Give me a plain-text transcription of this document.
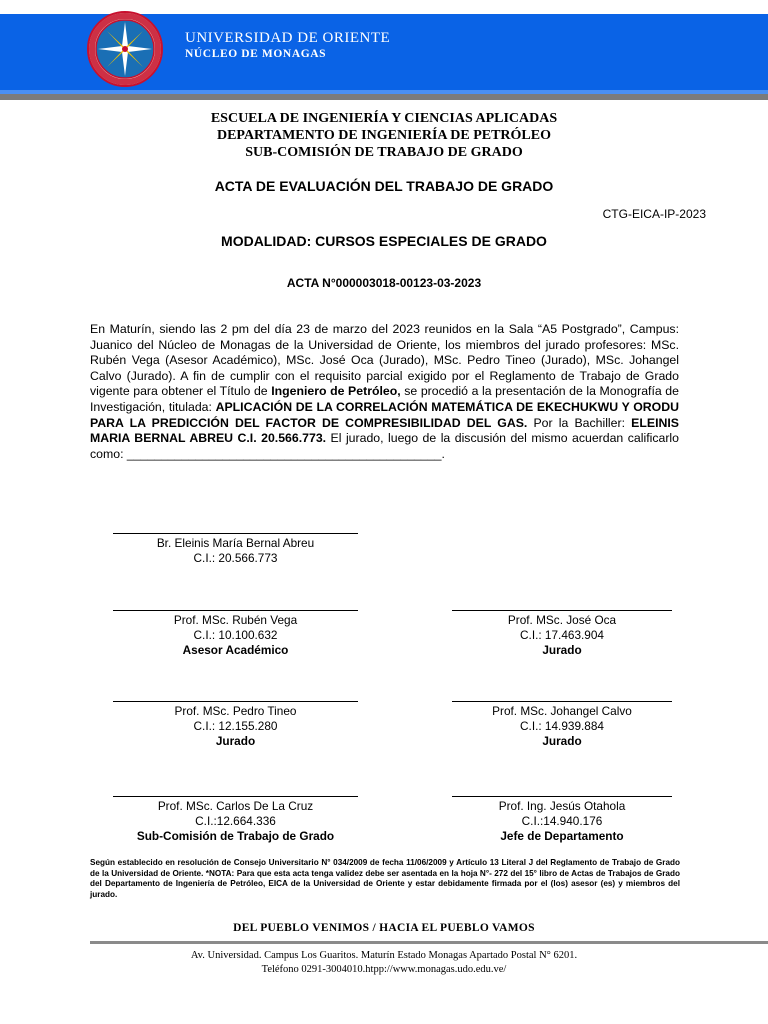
UNIVERSIDAD DE ORIENTE
NÚCLEO DE MONAGAS
ESCUELA DE INGENIERÍA Y CIENCIAS APLICADAS
DEPARTAMENTO DE INGENIERÍA DE PETRÓLEO
SUB-COMISIÓN DE TRABAJO DE GRADO
ACTA DE EVALUACIÓN DEL TRABAJO DE GRADO
CTG-EICA-IP-2023
MODALIDAD: CURSOS ESPECIALES DE GRADO
ACTA N°000003018-00123-03-2023
En Maturín, siendo las 2 pm del día 23 de marzo del 2023 reunidos en la Sala “A5 Postgrado”, Campus: Juanico del Núcleo de Monagas de la Universidad de Oriente, los miembros del jurado profesores: MSc. Rubén Vega (Asesor Académico), MSc. José Oca (Jurado), MSc. Pedro Tineo (Jurado), MSc. Johangel Calvo (Jurado). A fin de cumplir con el requisito parcial exigido por el Reglamento de Trabajo de Grado vigente para obtener el Título de Ingeniero de Petróleo, se procedió a la presentación de la Monografía de Investigación, titulada: APLICACIÓN DE LA CORRELACIÓN MATEMÁTICA DE EKECHUKWU Y ORODU PARA LA PREDICCIÓN DEL FACTOR DE COMPRESIBILIDAD DEL GAS. Por la Bachiller: ELEINIS MARIA BERNAL ABREU C.I. 20.566.773. El jurado, luego de la discusión del mismo acuerdan calificarlo como: ______________________________________________.
Br. Eleinis María Bernal Abreu
C.I.: 20.566.773
Prof. MSc. Rubén Vega
C.I.: 10.100.632
Asesor Académico
Prof. MSc. José Oca
C.I.: 17.463.904
Jurado
Prof. MSc. Pedro Tineo
C.I.: 12.155.280
Jurado
Prof. MSc. Johangel Calvo
C.I.: 14.939.884
Jurado
Prof. MSc. Carlos De La Cruz
C.I.:12.664.336
Sub-Comisión de Trabajo de Grado
Prof. Ing. Jesús Otahola
C.I.:14.940.176
Jefe de Departamento
Según establecido en resolución de Consejo Universitario N° 034/2009 de fecha 11/06/2009 y Artículo 13 Literal J del Reglamento de Trabajo de Grado de la Universidad de Oriente. *NOTA: Para que esta acta tenga validez debe ser asentada en la hoja N°- 272 del 15° libro de Actas de Trabajos de Grado del Departamento de Ingeniería de Petróleo, EICA de la Universidad de Oriente y estar debidamente firmada por el (los) asesor (es) y miembros del jurado.
DEL PUEBLO VENIMOS / HACIA EL PUEBLO VAMOS
Av. Universidad. Campus Los Guaritos. Maturín Estado Monagas Apartado Postal N° 6201.
Teléfono 0291-3004010.htpp://www.monagas.udo.edu.ve/
